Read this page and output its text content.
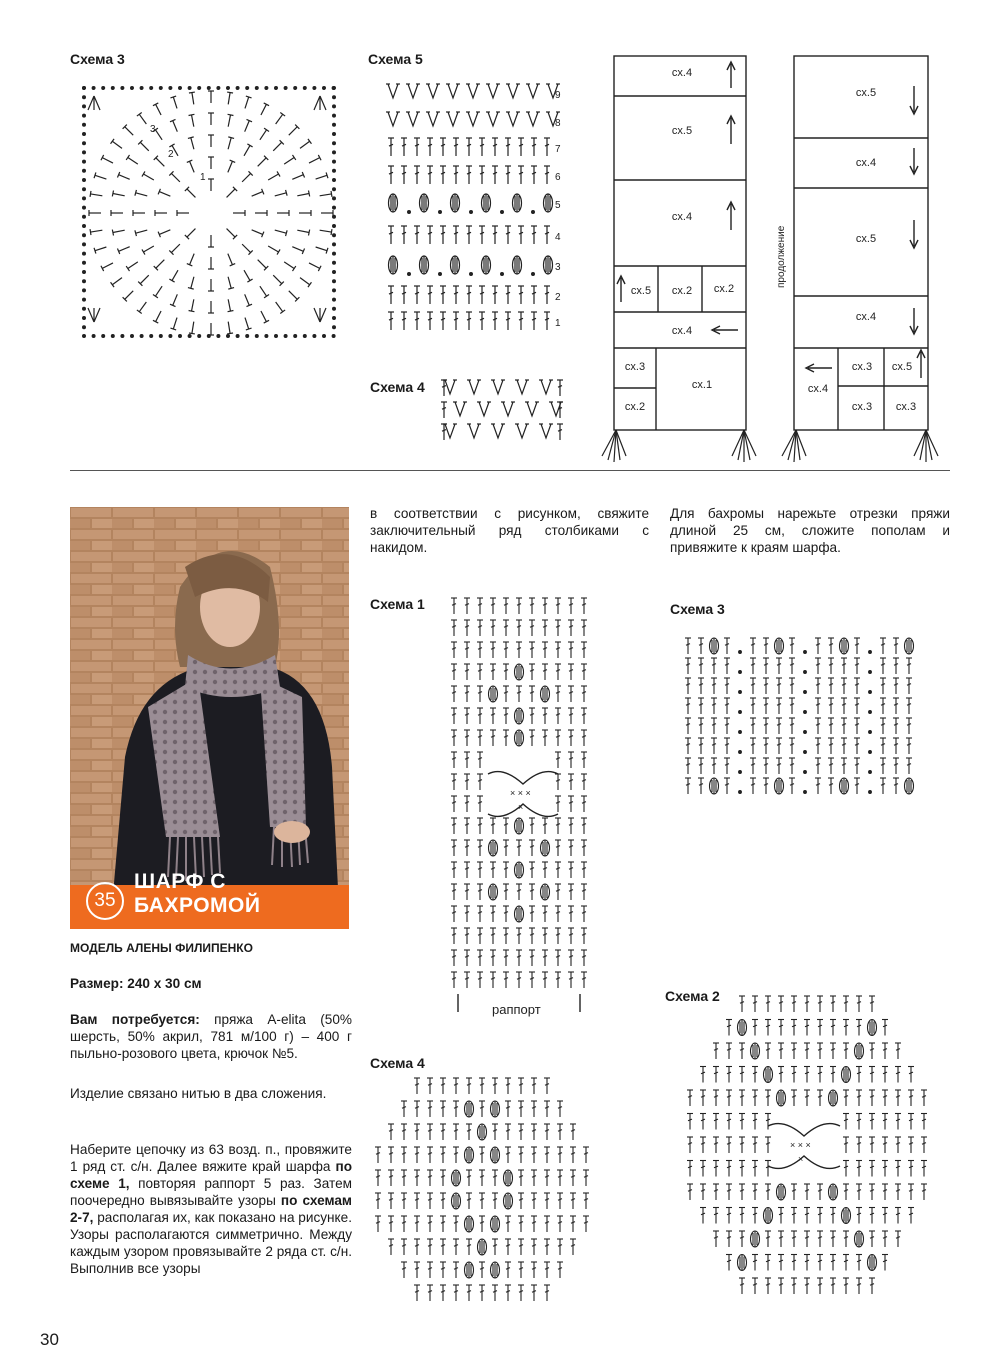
Схема 3
3
2
1
Схема 5
9
8
7
6
5
4
3
2
1
Схема 4
сх.4
сх.5
сх.4
сх.5 сх.2 сх.2
сх.4
сх.3
сх.1
сх.2
сх.5
сх.4
сх.5
сх.4
сх.4
сх.3 сх.5
сх.3 сх.3
продолжение
35
ШАРФ С БАХРОМОЙ
МОДЕЛЬ АЛЕНЫ ФИЛИПЕНКО
Размер: 240 х 30 см
Вам потребуется: пряжа A-elita (50% шерсть, 50% акрил, 781 м/100 г) – 400 г пыльно-розового цвета, крючок №5.
Изделие связано нитью в два сложения.
Наберите цепочку из 63 возд. п., провяжите 1 ряд ст. с/н. Далее вяжите край шарфа по схеме 1, повторяя раппорт 5 раз. Затем поочередно вывязывайте узоры по схемам 2-7, располагая их, как показано на рисунке. Узоры располагаются симметрично. Между каждым узором провязывайте 2 ряда ст. с/н. Выполнив все узоры
30
в соответствии с рисунком, свяжите заключительный ряд столбиками с накидом.
Для бахромы нарежьте отрезки пряжи длиной 25 см, сложите пополам и привяжите к краям шарфа.
Схема 1
× × ×
×
раппорт
Схема 3
Схема 4
Схема 2
× × ×
×
